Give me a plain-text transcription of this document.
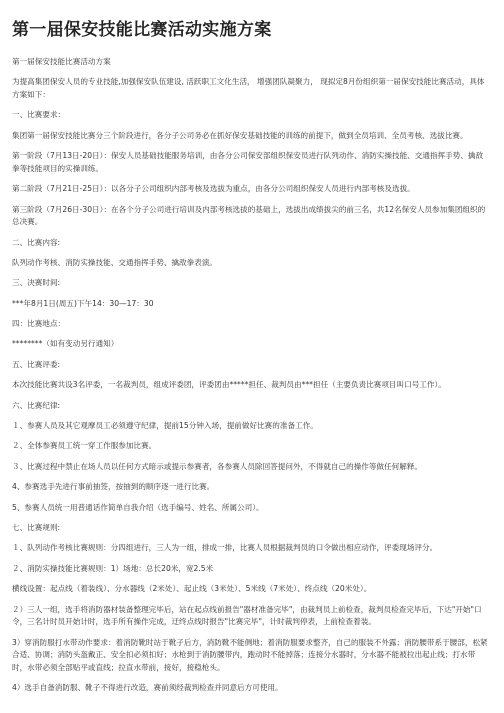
第一届保安技能比赛活动实施方案

第一届保安技能比赛活动方案

为提高集团保安人员的专业技能,加强保安队伍建设, 活跃职工文化生活， 增强团队凝聚力， 现拟定8月份组织第一届保安技能比赛活动，具体方案如下：

一、比赛要求：

集团第一届保安技能比赛分三个阶段进行，各分子公司务必在抓好保安基础技能的训练的前提下，做到全员培训、全员考核、选拔比赛。

第一阶段（7月13日-20日）：保安人员基础技能服务培训，由各分公司保安部组织保安员进行队列动作、消防实操技能、交通指挥手势、擒敌拳等技能项目的实操训练。

第二阶段（7月21日-25日）：以各分子公司组织内部考核及选拔为重点，由各分公司组织保安人员进行内部考核及选拔。

第三阶段（7月26日-30日）：在各个分子公司进行培训及内部考核选拔的基础上，选拔出成绩拔尖的前三名，共12名保安人员参加集团组织的总决赛。

二、比赛内容:

队列动作考核、消防实操技能、交通指挥手势、擒敌拳表演。

三、决赛时间:

***年8月1日(周五)下午14：30—17：30

四：比赛地点：

********（如有变动另行通知）

五、比赛评委:

本次技能比赛共设3名评委，一名裁判员，组成评委团，评委团由*****担任、裁判员由***担任（主要负责比赛项目叫口号工作）。

六、比赛纪律:

１、参赛人员及其它观摩员工必须遵守纪律，提前15分钟入场，提前做好比赛的准备工作。

２、全体参赛员工统一穿工作服参加比赛。

３、比赛过程中禁止在场人员以任何方式暗示或提示参赛者，各参赛人员除回答提问外，不得就自己的操作等做任何解释。

4、参赛选手先进行事前抽签，按抽到的顺序逐一进行比赛。

5、参赛人员统一用普通话作简单自我介绍（选手编号、姓名、所属公司）。

七、比赛规则:

１、队列动作考核比赛规则：分四组进行，三人为一组，排成一排，比赛人员根据裁判员的口令做出相应动作，评委现场评分。

２、消防实操技能比赛规则：1）场地：总长20米，宽2.5米

横线设置：起点线（着装线）、分水器线（2米处）、起止线（3米处）、5米线（7米处）、终点线（20米处）。

２）三人一组，选手将消防器材装备整理完毕后，站在起点线前报告"器材准备完毕"，由裁判员上前检查，裁判员检查完毕后，下达"开始"口令，三名计时员开始计时，选手所有操作完成，迂终点线时报告"比赛完毕"，计时裁判停表，上前检查着装。

3）穿消防服打水带动作要求：着消防靴时站于靴子后方，消防靴不能侧地；着消防服要求整齐，自己的服装不外露；消防腰带系于腰部，松紧合适、协调；消防头盔戴正、安全扣必须扣好；水枪到于消防腰带内，跑动时不能掉落；连接分水器时，分水器不能被拉出起止线；打水带时，水带必须全部贴平或直线；拉直水带前，接好，接稳枪头。

4）选手自备消防服、靴子不得进行改造，赛前须经裁判检查并同意后方可使用。
